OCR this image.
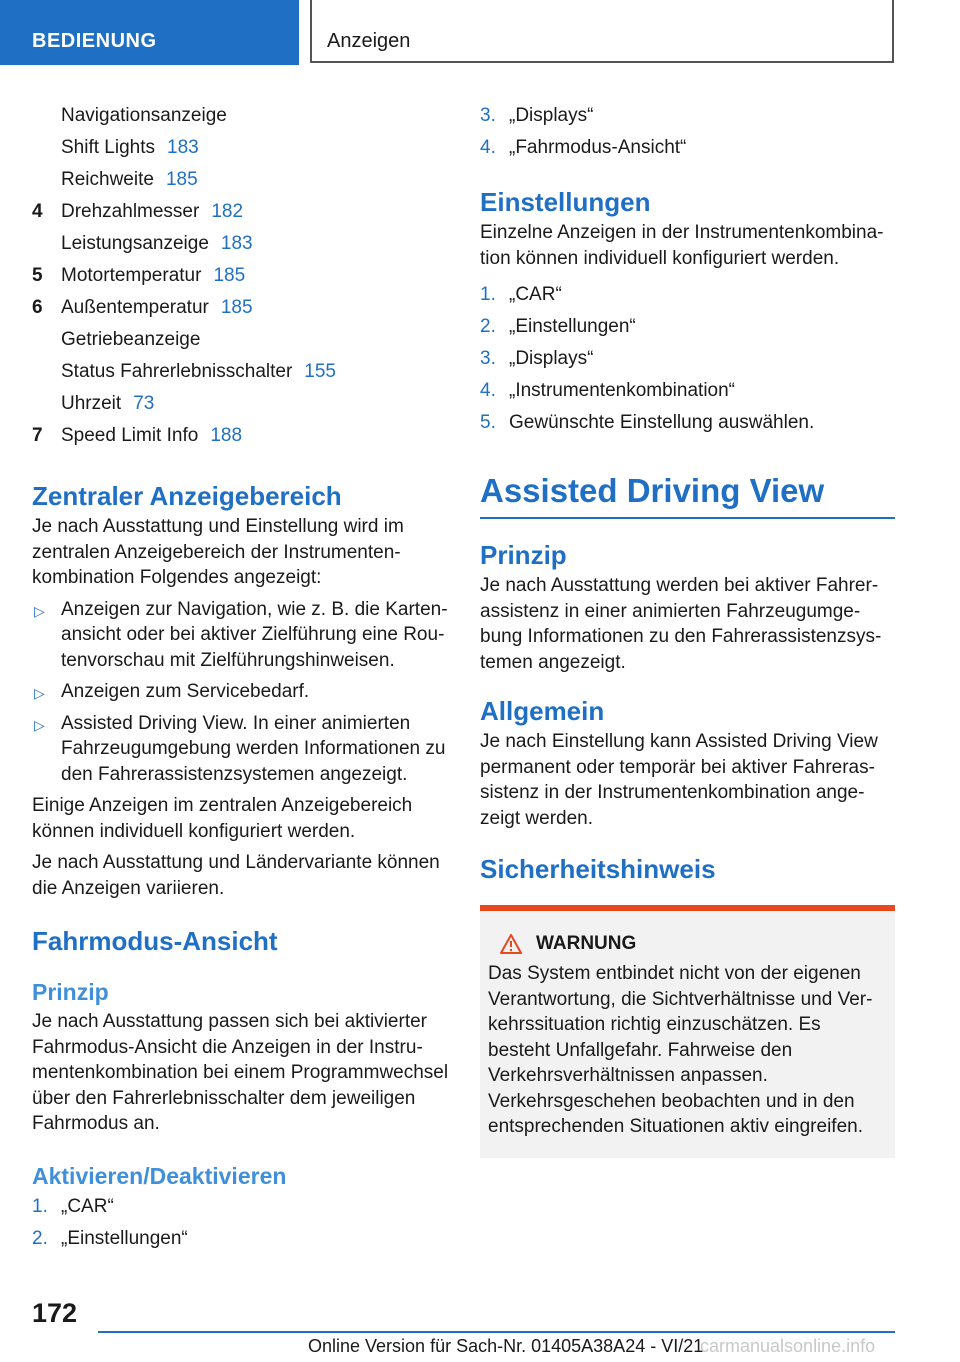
BEDIENUNG	Anzeigen
Navigationsanzeige
Shift Lights 183
Reichweite 185
4 Drehzahlmesser 182
Leistungsanzeige 183
5 Motortemperatur 185
6 Außentemperatur 185
Getriebeanzeige
Status Fahrerlebnisschalter 155
Uhrzeit 73
7 Speed Limit Info 188
Zentraler Anzeigebereich

Je nach Ausstattung und Einstellung wird im zentralen Anzeigebereich der Instrumentenkombination Folgendes angezeigt:

▷ Anzeigen zur Navigation, wie z. B. die Kartenansicht oder bei aktiver Zielführung eine Routenvorschau mit Zielführungshinweisen.
▷ Anzeigen zum Servicebedarf.
▷ Assisted Driving View. In einer animierten Fahrzeugumgebung werden Informationen zu den Fahrerassistenzsystemen angezeigt.

Einige Anzeigen im zentralen Anzeigebereich können individuell konfiguriert werden.

Je nach Ausstattung und Ländervariante können die Anzeigen variieren.

Fahrmodus-Ansicht
Prinzip

Je nach Ausstattung passen sich bei aktivierter Fahrmodus-Ansicht die Anzeigen in der Instrumentenkombination bei einem Programmwechsel über den Fahrerlebnisschalter dem jeweiligen Fahrmodus an.

Aktivieren/Deaktivieren
1. „CAR“
2. „Einstellungen“
3. „Displays“
4. „Fahrmodus-Ansicht“
Einstellungen

Einzelne Anzeigen in der Instrumentenkombination können individuell konfiguriert werden.

1. „CAR“
2. „Einstellungen“
3. „Displays“
4. „Instrumentenkombination“
5. Gewünschte Einstellung auswählen.
Assisted Driving View
Prinzip

Je nach Ausstattung werden bei aktiver Fahrerassistenz in einer animierten Fahrzeugumgebung Informationen zu den Fahrerassistenzsystemen angezeigt.

Allgemein

Je nach Einstellung kann Assisted Driving View permanent oder temporär bei aktiver Fahrerassistenz in der Instrumentenkombination angezeigt werden.

Sicherheitshinweis
WARNUNG

Das System entbindet nicht von der eigenen Verantwortung, die Sichtverhältnisse und Verkehrssituation richtig einzuschätzen. Es besteht Unfallgefahr. Fahrweise den Verkehrsverhältnissen anpassen. Verkehrsgeschehen beobachten und in den entsprechenden Situationen aktiv eingreifen.

172
Online Version für Sach-Nr. 01405A38A24 - VI/21
carmanualsonline.info
